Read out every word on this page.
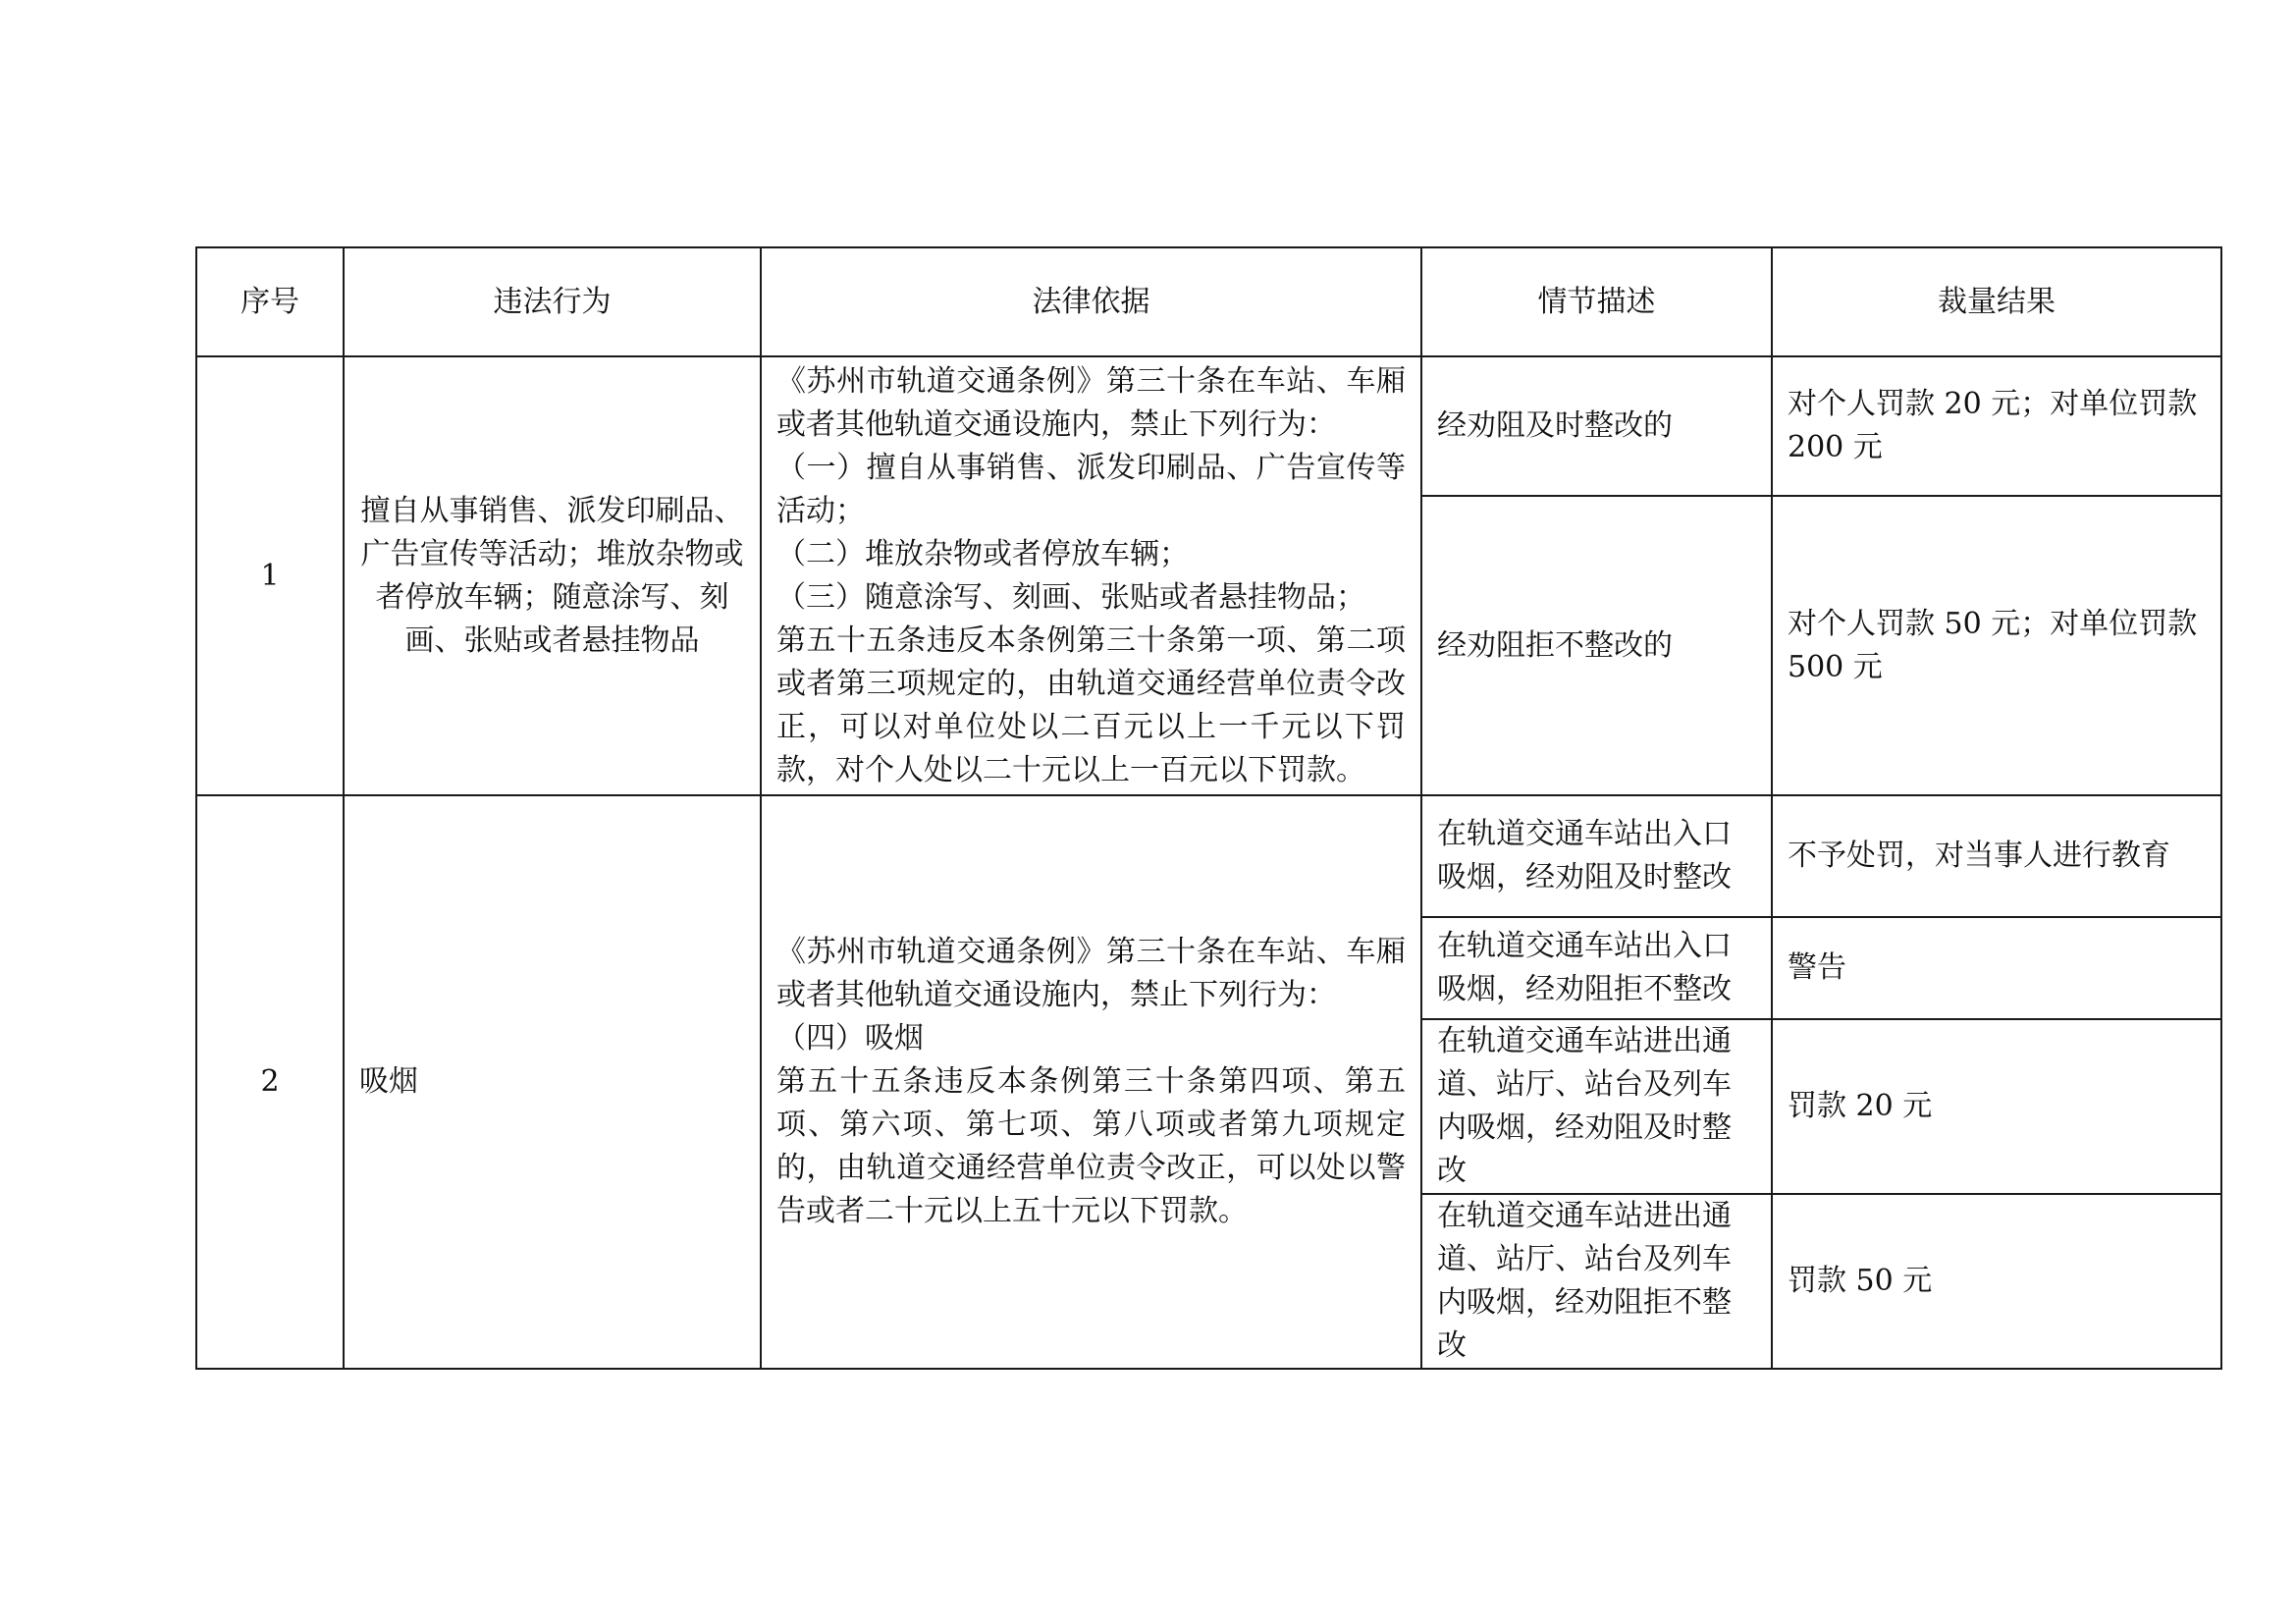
序号	违法行为	法律依据	情节描述	裁量结果
1	擅自从事销售、派发印刷品、广告宣传等活动；堆放杂物或者停放车辆；随意涂写、刻画、张贴或者悬挂物品	《苏州市轨道交通条例》第三十条在车站、车厢或者其他轨道交通设施内，禁止下列行为：
（一）擅自从事销售、派发印刷品、广告宣传等活动；
（二）堆放杂物或者停放车辆；
（三）随意涂写、刻画、张贴或者悬挂物品；
第五十五条违反本条例第三十条第一项、第二项或者第三项规定的，由轨道交通经营单位责令改正，可以对单位处以二百元以上一千元以下罚款，对个人处以二十元以上一百元以下罚款。	经劝阻及时整改的	对个人罚款 20 元；对单位罚款 200 元
			经劝阻拒不整改的	对个人罚款 50 元；对单位罚款 500 元
2	吸烟	《苏州市轨道交通条例》第三十条在车站、车厢或者其他轨道交通设施内，禁止下列行为：
（四）吸烟
第五十五条违反本条例第三十条第四项、第五项、第六项、第七项、第八项或者第九项规定的，由轨道交通经营单位责令改正，可以处以警告或者二十元以上五十元以下罚款。	在轨道交通车站出入口吸烟，经劝阻及时整改	不予处罚，对当事人进行教育
			在轨道交通车站出入口吸烟，经劝阻拒不整改	警告
			在轨道交通车站进出通道、站厅、站台及列车内吸烟，经劝阻及时整改	罚款 20 元
			在轨道交通车站进出通道、站厅、站台及列车内吸烟，经劝阻拒不整改	罚款 50 元
